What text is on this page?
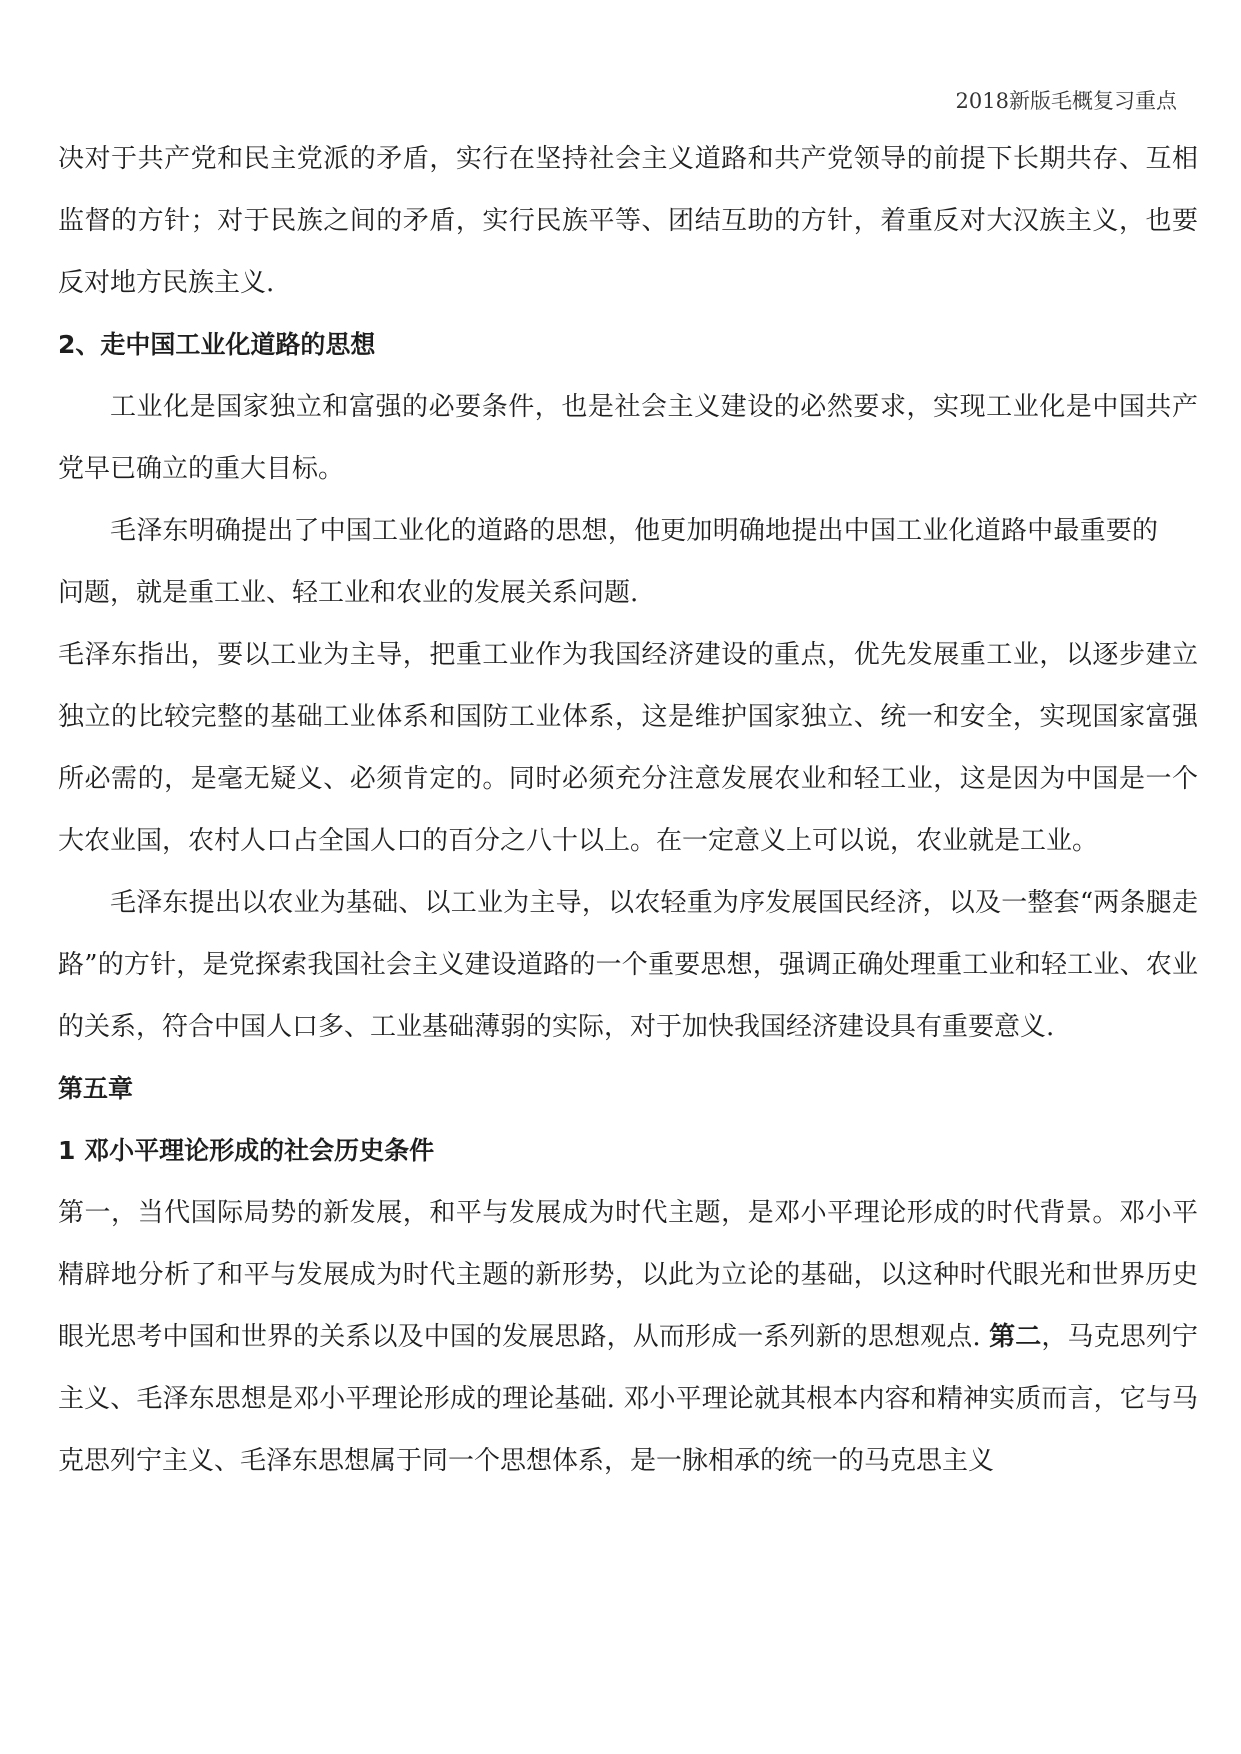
2018新版毛概复习重点

决对于共产党和民主党派的矛盾，实行在坚持社会主义道路和共产党领导的前提下长期共存、互相监督的方针；对于民族之间的矛盾，实行民族平等、团结互助的方针，着重反对大汉族主义，也要反对地方民族主义.

2、走中国工业化道路的思想

工业化是国家独立和富强的必要条件，也是社会主义建设的必然要求，实现工业化是中国共产党早已确立的重大目标。

毛泽东明确提出了中国工业化的道路的思想，他更加明确地提出中国工业化道路中最重要的问题，就是重工业、轻工业和农业的发展关系问题.

毛泽东指出，要以工业为主导，把重工业作为我国经济建设的重点，优先发展重工业，以逐步建立独立的比较完整的基础工业体系和国防工业体系，这是维护国家独立、统一和安全，实现国家富强所必需的，是毫无疑义、必须肯定的。同时必须充分注意发展农业和轻工业，这是因为中国是一个大农业国，农村人口占全国人口的百分之八十以上。在一定意义上可以说，农业就是工业。

毛泽东提出以农业为基础、以工业为主导，以农轻重为序发展国民经济，以及一整套“两条腿走路”的方针，是党探索我国社会主义建设道路的一个重要思想，强调正确处理重工业和轻工业、农业的关系，符合中国人口多、工业基础薄弱的实际，对于加快我国经济建设具有重要意义.

第五章

1 邓小平理论形成的社会历史条件

第一，当代国际局势的新发展，和平与发展成为时代主题，是邓小平理论形成的时代背景。邓小平精辟地分析了和平与发展成为时代主题的新形势，以此为立论的基础，以这种时代眼光和世界历史眼光思考中国和世界的关系以及中国的发展思路，从而形成一系列新的思想观点. 第二，马克思列宁主义、毛泽东思想是邓小平理论形成的理论基础. 邓小平理论就其根本内容和精神实质而言，它与马克思列宁主义、毛泽东思想属于同一个思想体系，是一脉相承的统一的马克思主义
